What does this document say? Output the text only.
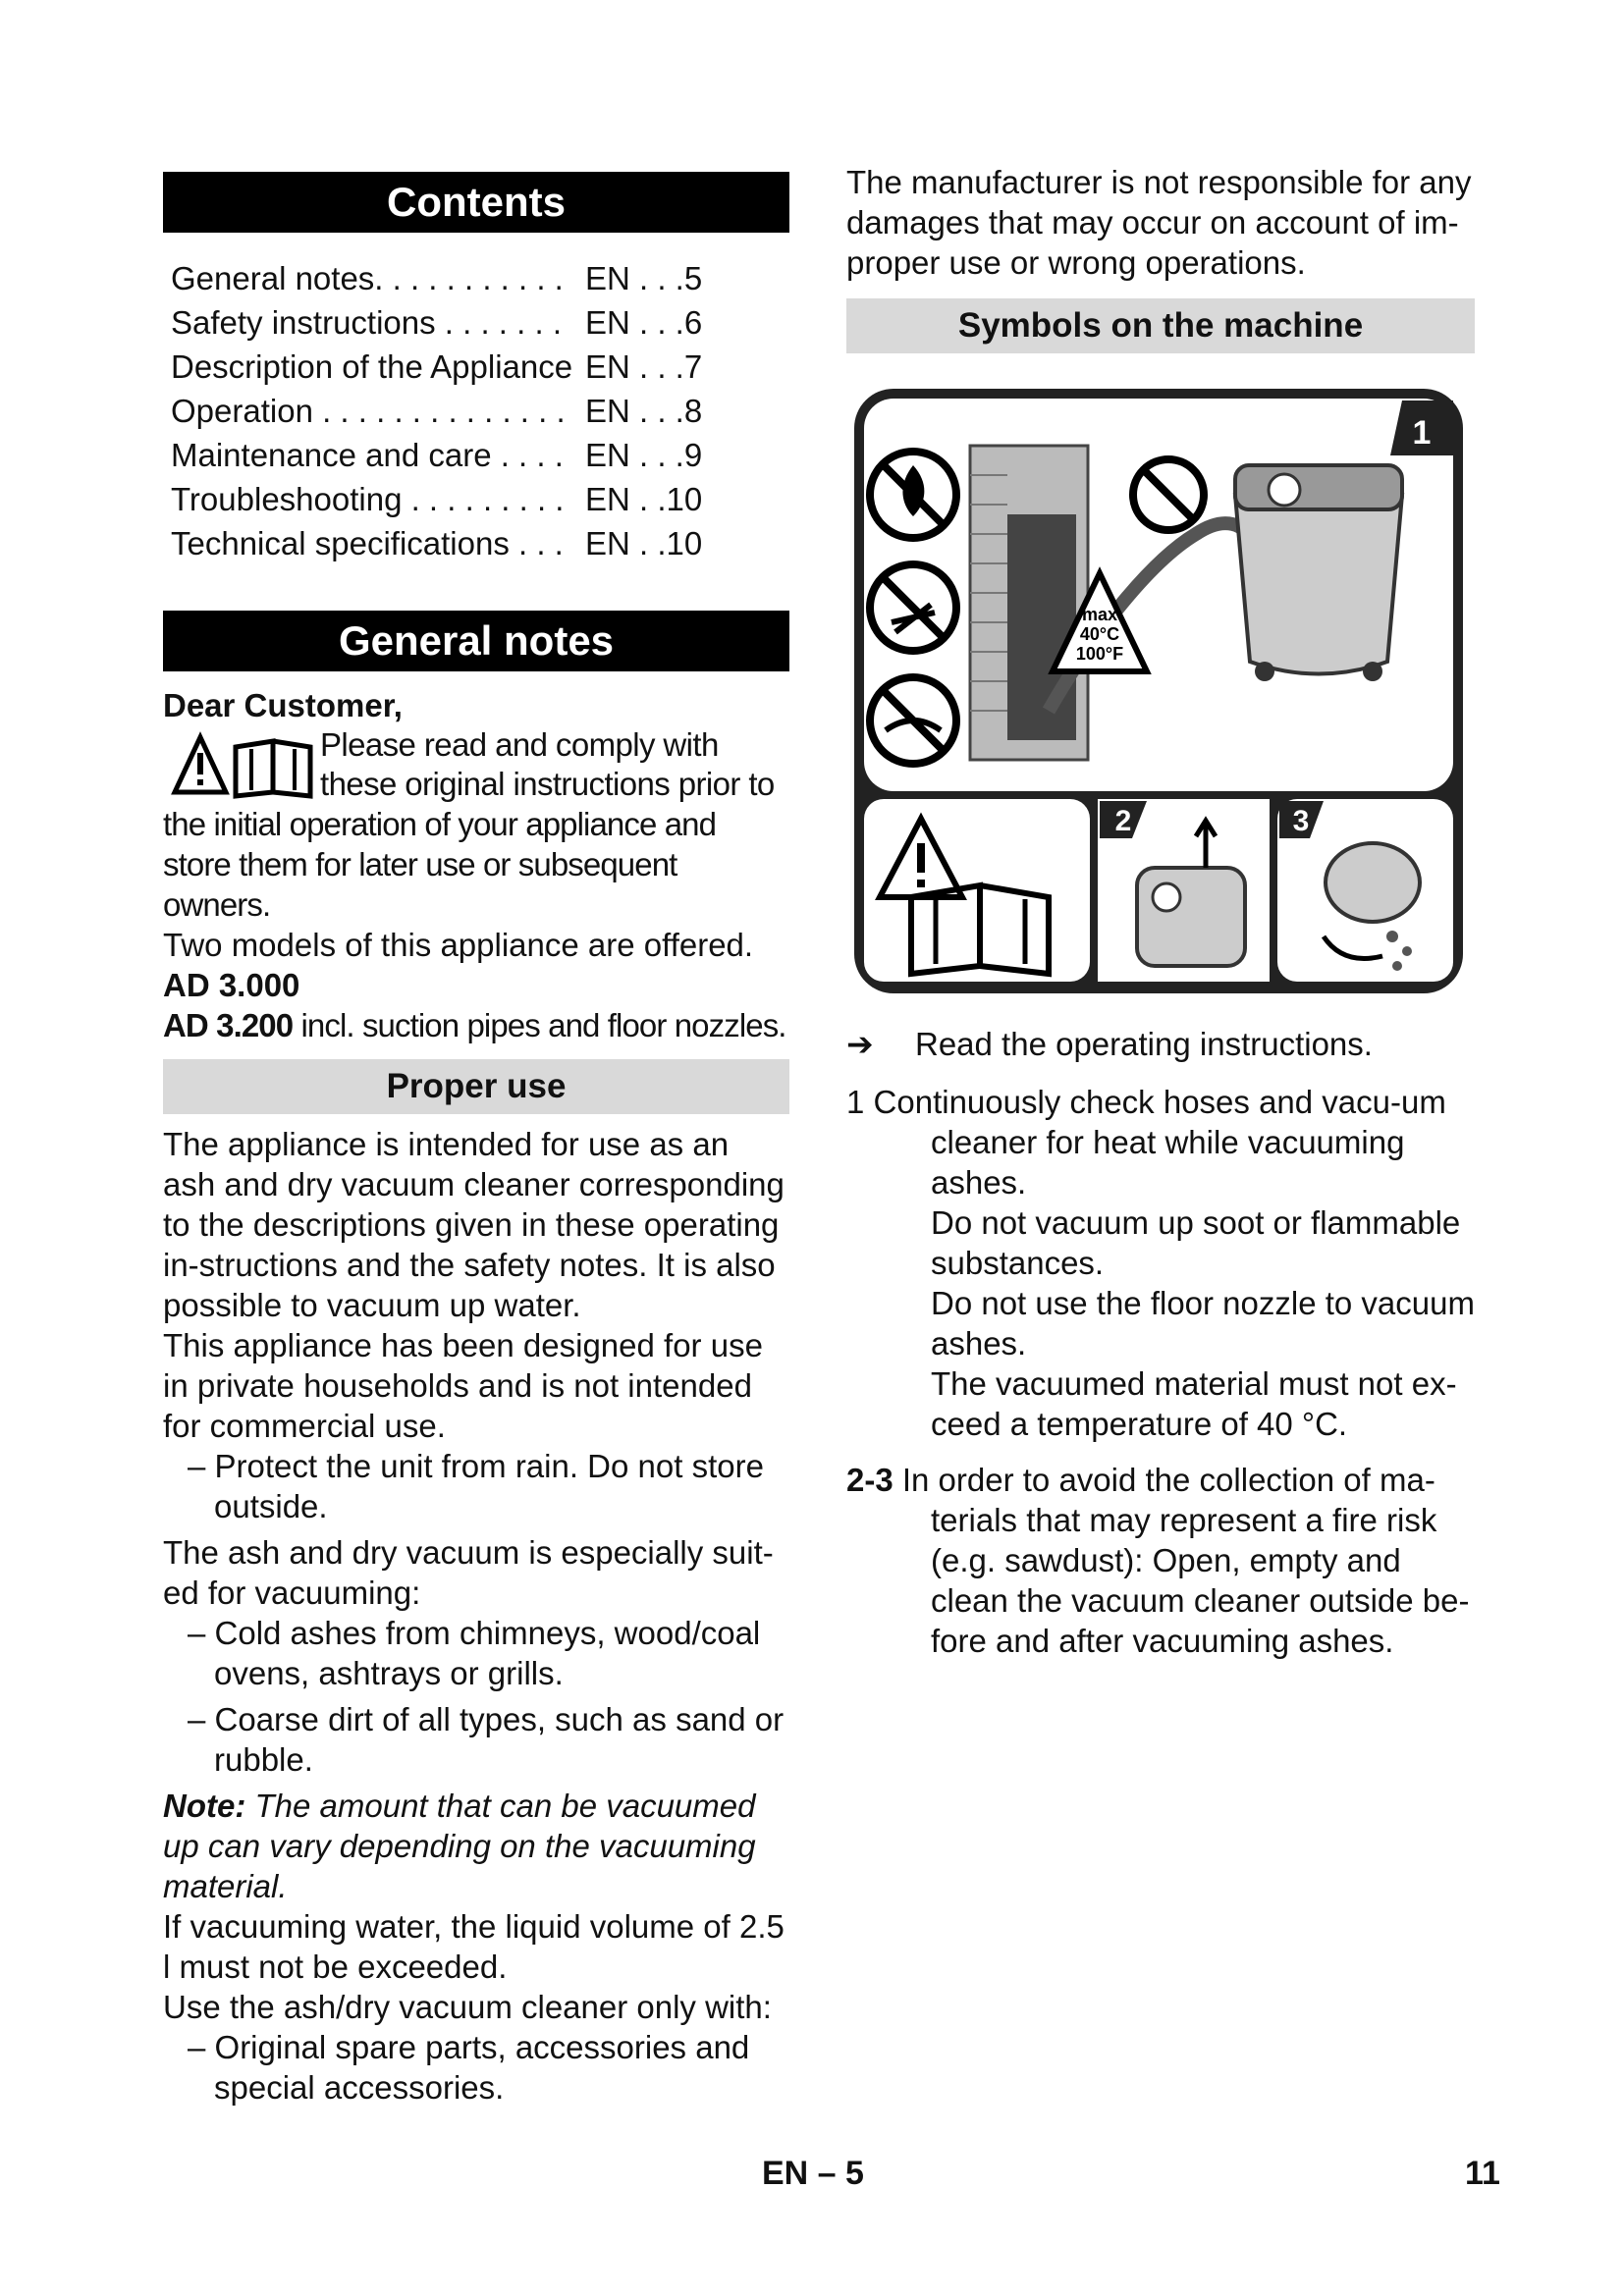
Contents
General notes. . . . . . . . . . .	EN . . .5
Safety instructions . . . . . . .	EN . . .6
Description of the Appliance	EN . . .7
Operation . . . . . . . . . . . . . .	EN . . .8
Maintenance and care . . . .	EN . . .9
Troubleshooting . . . . . . . . .	EN . .10
Technical specifications . . .	EN . .10
General notes

Dear Customer,

Please read and comply with

these original instructions prior to

the initial operation of your appliance and store them for later use or subsequent owners.

Two models of this appliance are offered.

AD 3.000

AD 3.200 incl. suction pipes and floor nozzles.

Proper use

The appliance is intended for use as an ash and dry vacuum cleaner corresponding to the descriptions given in these operating in-structions and the safety notes. It is also possible to vacuum up water.

This appliance has been designed for use in private households and is not intended for commercial use.

– Protect the unit from rain. Do not store outside.

The ash and dry vacuum is especially suit-ed for vacuuming:

– Cold ashes from chimneys, wood/coal ovens, ashtrays or grills.

– Coarse dirt of all types, such as sand or rubble.

Note: The amount that can be vacuumed up can vary depending on the vacuuming material.

If vacuuming water, the liquid volume of 2.5 l must not be exceeded.

Use the ash/dry vacuum cleaner only with:

– Original spare parts, accessories and special accessories.

The manufacturer is not responsible for any damages that may occur on account of im-proper use or wrong operations.

Symbols on the machine
1
max
40°C
100°F
2	3

➔ Read the operating instructions.

1 Continuously check hoses and vacu-um cleaner for heat while vacuuming ashes.

Do not vacuum up soot or flammable substances.

Do not use the floor nozzle to vacuum ashes.

The vacuumed material must not ex-ceed a temperature of 40 °C.

2-3 In order to avoid the collection of ma-terials that may represent a fire risk (e.g. sawdust): Open, empty and clean the vacuum cleaner outside be-fore and after vacuuming ashes.

EN – 5	11
